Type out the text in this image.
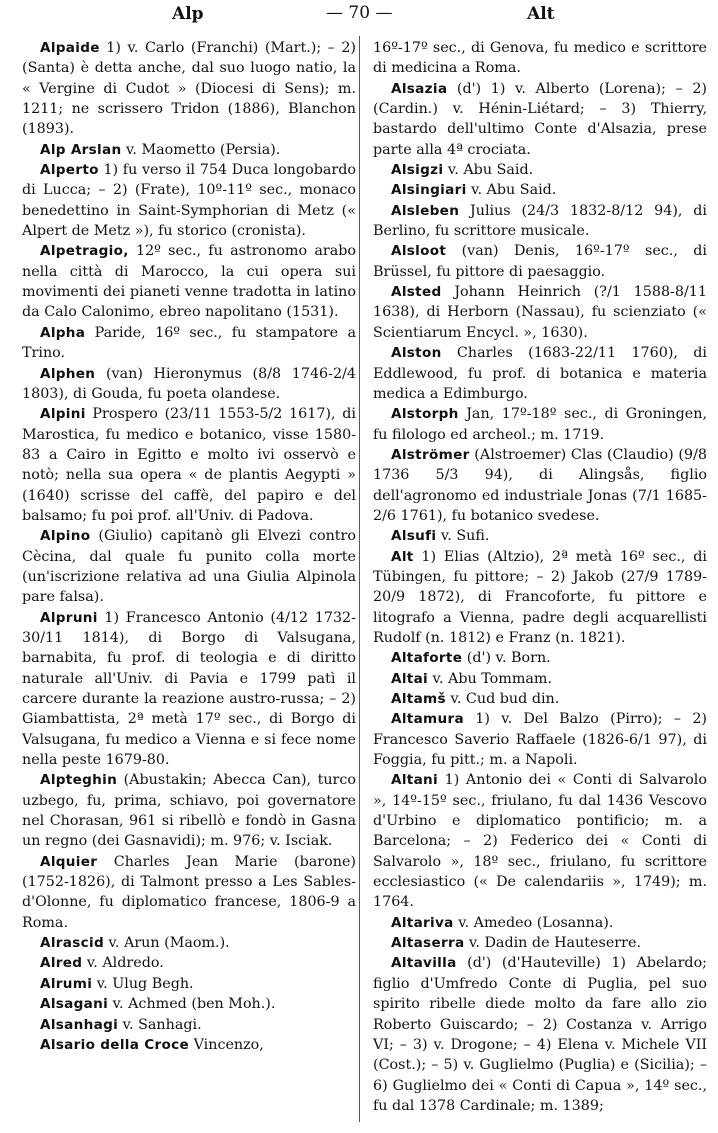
Alp	— 70 —	Alt

Alpaide 1) v. Carlo (Franchi) (Mart.); – 2) (Santa) è detta anche, dal suo luogo natio, la « Vergine di Cudot » (Diocesi di Sens); m. 1211; ne scrissero Tridon (1886), Blanchon (1893).

Alp Arslan v. Maometto (Persia).

Alperto 1) fu verso il 754 Duca longobardo di Lucca; – 2) (Frate), 10º-11º sec., monaco benedettino in Saint-Symphorian di Metz (« Alpert de Metz »), fu storico (cronista).

Alpetragio, 12º sec., fu astronomo arabo nella città di Marocco, la cui opera sui movimenti dei pianeti venne tradotta in latino da Calo Calonimo, ebreo napolitano (1531).

Alpha Paride, 16º sec., fu stampatore a Trino.

Alphen (van) Hieronymus (8/8 1746-2/4 1803), di Gouda, fu poeta olandese.

Alpini Prospero (23/11 1553-5/2 1617), di Marostica, fu medico e botanico, visse 1580-83 a Cairo in Egitto e molto ivi osservò e notò; nella sua opera « de plantis Aegypti » (1640) scrisse del caffè, del papiro e del balsamo; fu poi prof. all'Univ. di Padova.

Alpino (Giulio) capitanò gli Elvezi contro Cècina, dal quale fu punito colla morte (un'iscrizione relativa ad una Giulia Alpinola pare falsa).

Alpruni 1) Francesco Antonio (4/12 1732-30/11 1814), di Borgo di Valsugana, barnabita, fu prof. di teologia e di diritto naturale all'Univ. di Pavia e 1799 patì il carcere durante la reazione austro-russa; – 2) Giambattista, 2ª metà 17º sec., di Borgo di Valsugana, fu medico a Vienna e si fece nome nella peste 1679-80.

Alpteghin (Abustakin; Abecca Can), turco uzbego, fu, prima, schiavo, poi governatore nel Chorasan, 961 si ribellò e fondò in Gasna un regno (dei Gasnavidi); m. 976; v. Isciak.

Alquier Charles Jean Marie (barone) (1752-1826), di Talmont presso a Les Sables-d'Olonne, fu diplomatico francese, 1806-9 a Roma.

Alrascid v. Arun (Maom.).

Alred v. Aldredo.

Alrumi v. Ulug Begh.

Alsagani v. Achmed (ben Moh.).

Alsanhagi v. Sanhagi.

Alsario della Croce Vincenzo,

16º-17º sec., di Genova, fu medico e scrittore di medicina a Roma.

Alsazia (d') 1) v. Alberto (Lorena); – 2) (Cardin.) v. Hénin-Liétard; – 3) Thierry, bastardo dell'ultimo Conte d'Alsazia, prese parte alla 4ª crociata.

Alsigzi v. Abu Said.

Alsingiari v. Abu Said.

Alsleben Julius (24/3 1832-8/12 94), di Berlino, fu scrittore musicale.

Alsloot (van) Denis, 16º-17º sec., di Brüssel, fu pittore di paesaggio.

Alsted Johann Heinrich (?/1 1588-8/11 1638), di Herborn (Nassau), fu scienziato (« Scientiarum Encycl. », 1630).

Alston Charles (1683-22/11 1760), di Eddlewood, fu prof. di botanica e materia medica a Edimburgo.

Alstorph Jan, 17º-18º sec., di Groningen, fu filologo ed archeol.; m. 1719.

Alströmer (Alstroemer) Clas (Claudio) (9/8 1736 5/3 94), di Alingsås, figlio dell'agronomo ed industriale Jonas (7/1 1685-2/6 1761), fu botanico svedese.

Alsufi v. Sufi.

Alt 1) Elias (Altzio), 2ª metà 16º sec., di Tübingen, fu pittore; – 2) Jakob (27/9 1789-20/9 1872), di Francoforte, fu pittore e litografo a Vienna, padre degli acquarellisti Rudolf (n. 1812) e Franz (n. 1821).

Altaforte (d') v. Born.

Altai v. Abu Tommam.

Altamš v. Cud bud din.

Altamura 1) v. Del Balzo (Pirro); – 2) Francesco Saverio Raffaele (1826-6/1 97), di Foggia, fu pitt.; m. a Napoli.

Altani 1) Antonio dei « Conti di Salvarolo », 14º-15º sec., friulano, fu dal 1436 Vescovo d'Urbino e diplomatico pontificio; m. a Barcelona; – 2) Federico dei « Conti di Salvarolo », 18º sec., friulano, fu scrittore ecclesiastico (« De calendariis », 1749); m. 1764.

Altariva v. Amedeo (Losanna).

Altaserra v. Dadin de Hauteserre.

Altavilla (d') (d'Hauteville) 1) Abelardo; figlio d'Umfredo Conte di Puglia, pel suo spirito ribelle diede molto da fare allo zio Roberto Guiscardo; – 2) Costanza v. Arrigo VI; – 3) v. Drogone; – 4) Elena v. Michele VII (Cost.); – 5) v. Guglielmo (Puglia) e (Sicilia); – 6) Guglielmo dei « Conti di Capua », 14º sec., fu dal 1378 Cardinale; m. 1389;
